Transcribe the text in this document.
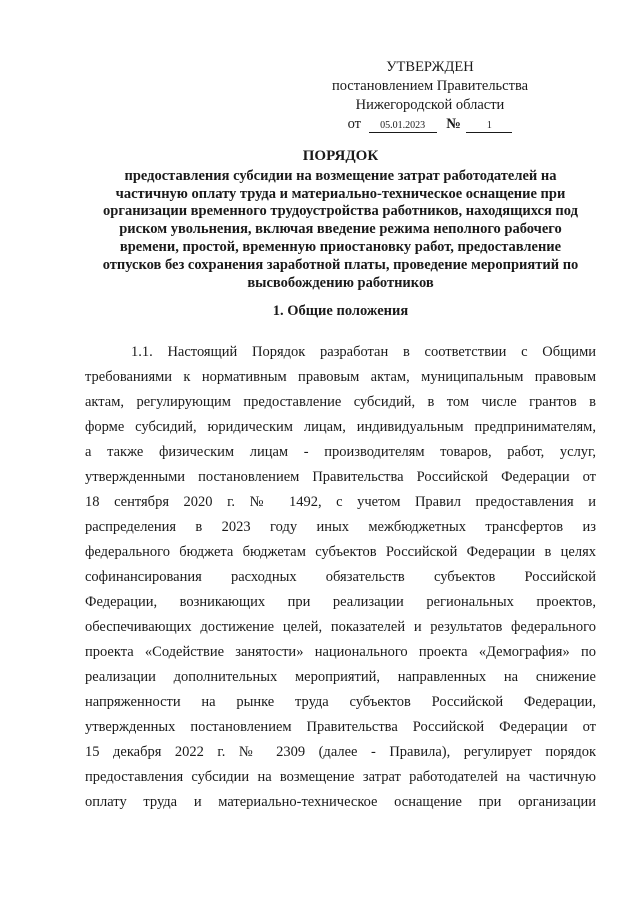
УТВЕРЖДЕН
постановлением Правительства
Нижегородской области
от 05.01.2023 №	1
ПОРЯДОК
предоставления субсидии на возмещение затрат работодателей на
частичную оплату труда и материально-техническое оснащение при
организации временного трудоустройства работников, находящихся под
риском увольнения, включая введение режима неполного рабочего
времени, простой, временную приостановку работ, предоставление
отпусков без сохранения заработной платы, проведение мероприятий по
высвобождению работников
1. Общие положения
1.1. Настоящий Порядок разработан в соответствии с Общими
требованиями к нормативным правовым актам, муниципальным правовым
актам, регулирующим предоставление субсидий, в том числе грантов в
форме субсидий, юридическим лицам, индивидуальным предпринимателям,
а также физическим лицам - производителям товаров, работ, услуг,
утвержденными постановлением Правительства Российской Федерации от
18 сентября 2020 г. № 1492, с учетом Правил предоставления и
распределения в 2023 году иных межбюджетных трансфертов из
федерального бюджета бюджетам субъектов Российской Федерации в целях
софинансирования расходных обязательств субъектов Российской
Федерации, возникающих при реализации региональных проектов,
обеспечивающих достижение целей, показателей и результатов федерального
проекта «Содействие занятости» национального проекта «Демография» по
реализации дополнительных мероприятий, направленных на снижение
напряженности на рынке труда субъектов Российской Федерации,
утвержденных постановлением Правительства Российской Федерации от
15 декабря 2022 г. № 2309 (далее - Правила), регулирует порядок
предоставления субсидии на возмещение затрат работодателей на частичную
оплату труда и материально-техническое оснащение при организации
